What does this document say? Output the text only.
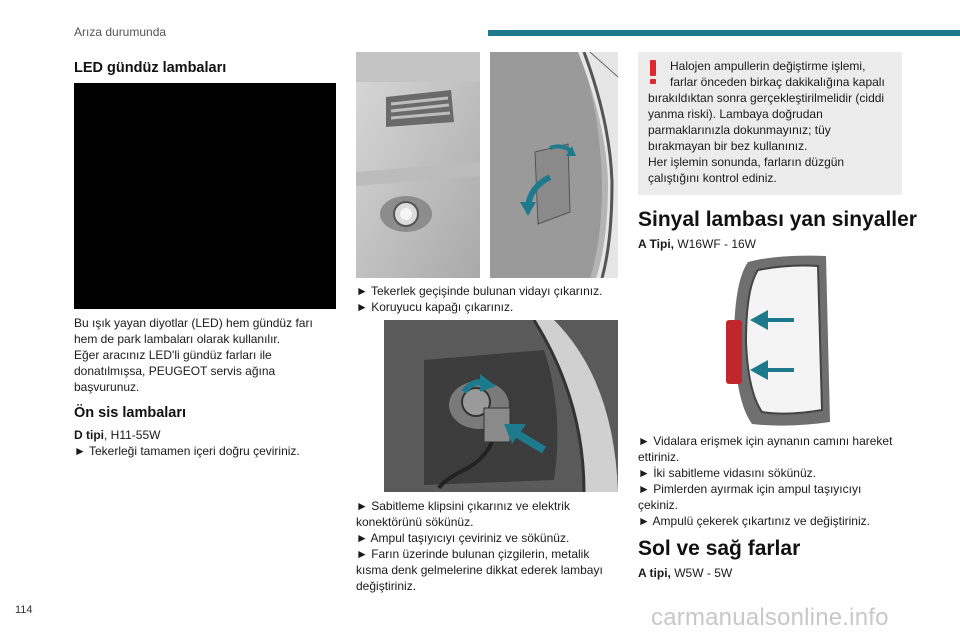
Arıza durumunda
LED gündüz lambaları

Bu ışık yayan diyotlar (LED) hem gündüz farı
hem de park lambaları olarak kullanılır.
Eğer aracınız LED'li gündüz farları ile
donatılmışsa, PEUGEOT servis ağına
başvurunuz.

Ön sis lambaları

D tipi, H11-55W

► Tekerleği tamamen içeri doğru çeviriniz.

► Tekerlek geçişinde bulunan vidayı çıkarınız.
► Koruyucu kapağı çıkarınız.

► Sabitleme klipsini çıkarınız ve elektrik
konektörünü sökünüz.
► Ampul taşıyıcıyı çeviriniz ve sökünüz.
► Farın üzerinde bulunan çizgilerin, metalik
kısma denk gelmelerine dikkat ederek lambayı
değiştiriniz.

Halojen ampullerin değiştirme işlemi,
farlar önceden birkaç dakikalığına kapalı
bırakıldıktan sonra gerçekleştirilmelidir (ciddi
yanma riski). Lambaya doğrudan
parmaklarınızla dokunmayınız; tüy
bırakmayan bir bez kullanınız.
Her işlemin sonunda, farların düzgün
çalıştığını kontrol ediniz.
Sinyal lambası yan sinyaller

A Tipi, W16WF - 16W

► Vidalara erişmek için aynanın camını hareket
ettiriniz.
► İki sabitleme vidasını sökünüz.
► Pimlerden ayırmak için ampul taşıyıcıyı
çekiniz.
► Ampulü çekerek çıkartınız ve değiştiriniz.

Sol ve sağ farlar

A tipi, W5W - 5W

114	carmanualsonline.info
